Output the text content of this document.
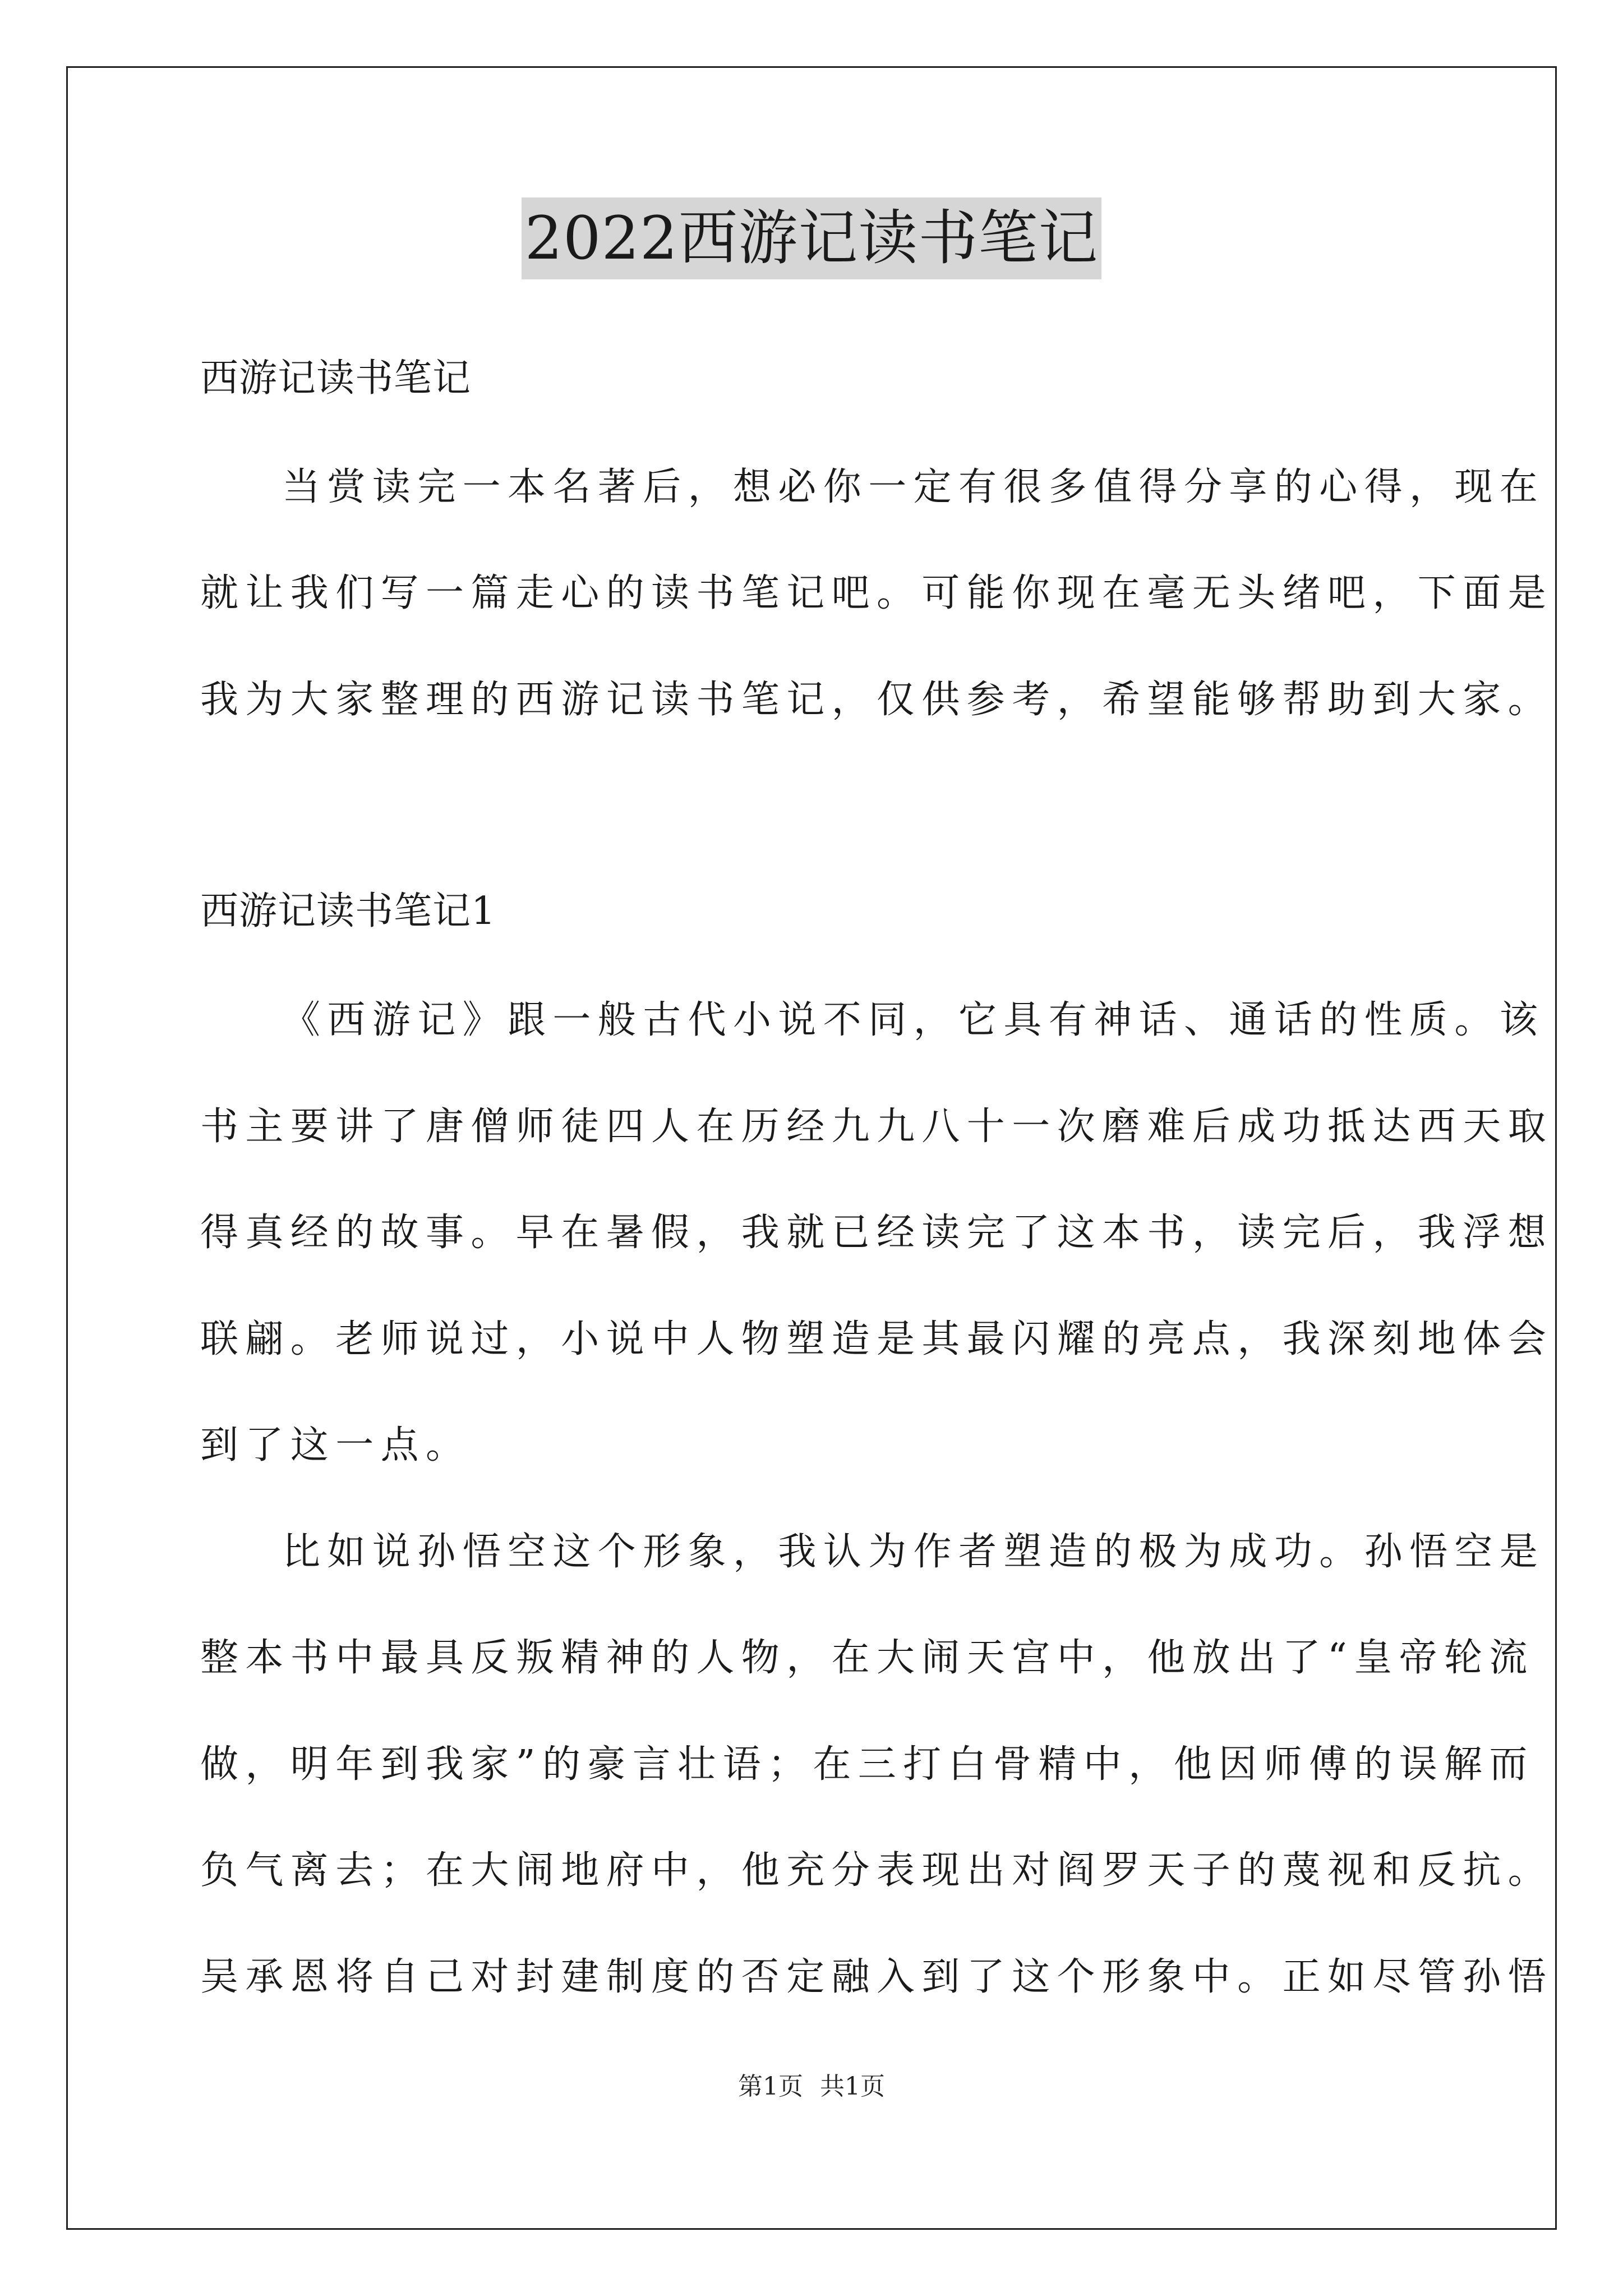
2022西游记读书笔记
西游记读书笔记
当赏读完一本名著后，想必你一定有很多值得分享的心得，现在
就让我们写一篇走心的读书笔记吧。可能你现在毫无头绪吧，下面是
我为大家整理的西游记读书笔记，仅供参考，希望能够帮助到大家。
西游记读书笔记1
《西游记》跟一般古代小说不同，它具有神话、通话的性质。该
书主要讲了唐僧师徒四人在历经九九八十一次磨难后成功抵达西天取
得真经的故事。早在暑假，我就已经读完了这本书，读完后，我浮想
联翩。老师说过，小说中人物塑造是其最闪耀的亮点，我深刻地体会
到了这一点。
比如说孙悟空这个形象，我认为作者塑造的极为成功。孙悟空是
整本书中最具反叛精神的人物，在大闹天宫中，他放出了“皇帝轮流
做，明年到我家”的豪言壮语；在三打白骨精中，他因师傅的误解而
负气离去；在大闹地府中，他充分表现出对阎罗天子的蔑视和反抗。
吴承恩将自己对封建制度的否定融入到了这个形象中。正如尽管孙悟
第1页 共1页
